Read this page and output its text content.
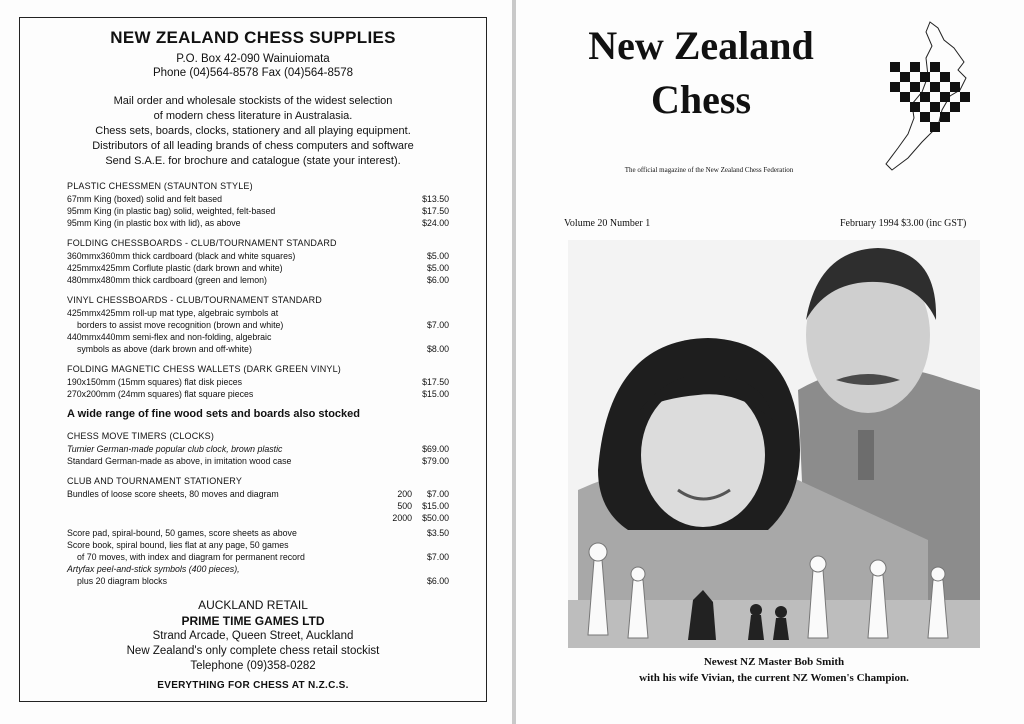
NEW ZEALAND CHESS SUPPLIES
P.O. Box 42-090 Wainuiomata
Phone (04)564-8578 Fax (04)564-8578
Mail order and wholesale stockists of the widest selection
of modern chess literature in Australasia.
Chess sets, boards, clocks, stationery and all playing equipment.
Distributors of all leading brands of chess computers and software
Send S.A.E. for brochure and catalogue (state your interest).
PLASTIC CHESSMEN (STAUNTON STYLE)
67mm King (boxed) solid and felt based	$13.50
95mm King (in plastic bag) solid, weighted, felt-based	$17.50
95mm King (in plastic box with lid), as above	$24.00
FOLDING CHESSBOARDS - CLUB/TOURNAMENT STANDARD
360mmx360mm thick cardboard (black and white squares)	$5.00
425mmx425mm Corflute plastic (dark brown and white)	$5.00
480mmx480mm thick cardboard (green and lemon)	$6.00
VINYL CHESSBOARDS - CLUB/TOURNAMENT STANDARD
425mmx425mm roll-up mat type, algebraic symbols at
borders to assist move recognition (brown and white)	$7.00
440mmx440mm semi-flex and non-folding, algebraic
symbols as above (dark brown and off-white)	$8.00
FOLDING MAGNETIC CHESS WALLETS (DARK GREEN VINYL)
190x150mm (15mm squares) flat disk pieces	$17.50
270x200mm (24mm squares) flat square pieces	$15.00
A wide range of fine wood sets and boards also stocked
CHESS MOVE TIMERS (CLOCKS)
Turnier German-made popular club clock, brown plastic	$69.00
Standard German-made as above, in imitation wood case	$79.00
CLUB AND TOURNAMENT STATIONERY
Bundles of loose score sheets, 80 moves and diagram	200 $7.00
500 $15.00
2000 $50.00
Score pad, spiral-bound, 50 games, score sheets as above	$3.50
Score book, spiral bound, lies flat at any page, 50 games
of 70 moves, with index and diagram for permanent record	$7.00
Artyfax peel-and-stick symbols (400 pieces),
plus 20 diagram blocks	$6.00
AUCKLAND RETAIL
PRIME TIME GAMES LTD
Strand Arcade, Queen Street, Auckland
New Zealand's only complete chess retail stockist
Telephone (09)358-0282
EVERYTHING FOR CHESS AT N.Z.C.S.
New Zealand
Chess
The official magazine of the New Zealand Chess Federation
Volume 20 Number 1	February 1994 $3.00 (inc GST)
Newest NZ Master Bob Smith
with his wife Vivian, the current NZ Women's Champion.
